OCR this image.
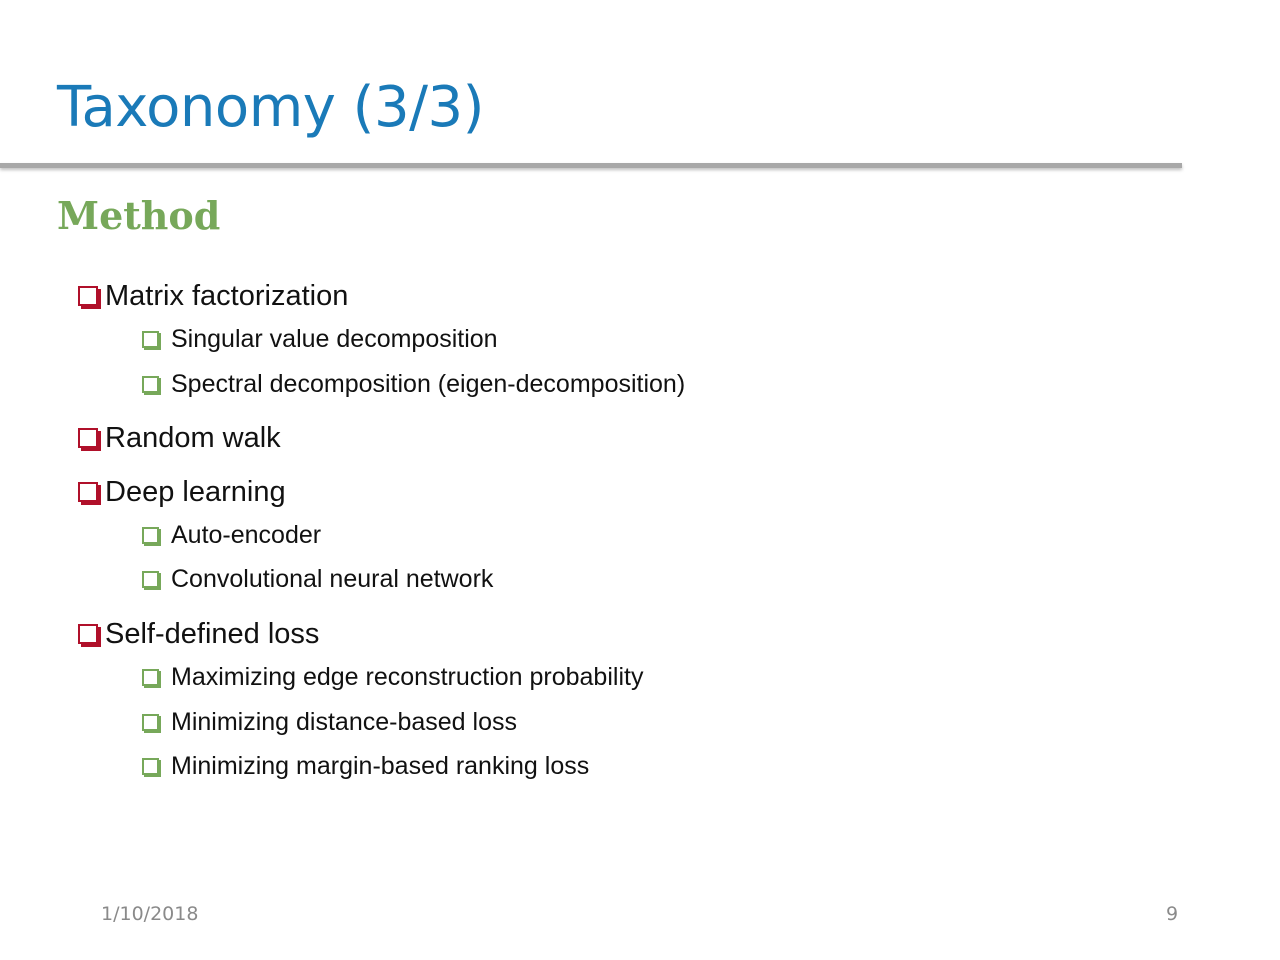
Taxonomy (3/3)
Method
Matrix factorization
Singular value decomposition
Spectral decomposition (eigen-decomposition)
Random walk
Deep learning
Auto-encoder
Convolutional neural network
Self-defined loss
Maximizing edge reconstruction probability
Minimizing distance-based loss
Minimizing margin-based ranking loss
1/10/2018	9
